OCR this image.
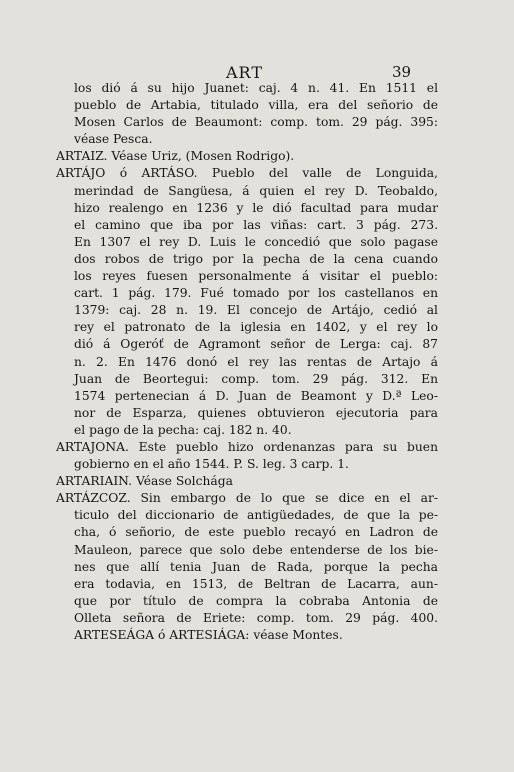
ART	39
los dió á su hijo Juanet: caj. 4 n. 41. En 1511 el
pueblo de Artabia, titulado villa, era del señorio de
Mosen Carlos de Beaumont: comp. tom. 29 pág. 395:
véase Pesca.
ARTAIZ. Véase Uriz, (Mosen Rodrigo).
ARTÁJO ó ARTÁSO. Pueblo del valle de Longuida,
merindad de Sangüesa, á quien el rey D. Teobaldo,
hizo realengo en 1236 y le dió facultad para mudar
el camino que iba por las viñas: cart. 3 pág. 273.
En 1307 el rey D. Luis le concedió que solo pagase
dos robos de trigo por la pecha de la cena cuando
los reyes fuesen personalmente á visitar el pueblo:
cart. 1 pág. 179. Fué tomado por los castellanos en
1379: caj. 28 n. 19. El concejo de Artájo, cedió al
rey el patronato de la iglesia en 1402, y el rey lo
dió á Ogeróť de Agramont señor de Lerga: caj. 87
n. 2. En 1476 donó el rey las rentas de Artajo á
Juan de Beortegui: comp. tom. 29 pág. 312. En
1574 pertenecian á D. Juan de Beamont y D.ª Leo-
nor de Esparza, quienes obtuvieron ejecutoria para
el pago de la pecha: caj. 182 n. 40.
ARTAJONA. Este pueblo hizo ordenanzas para su buen
gobierno en el año 1544. P. S. leg. 3 carp. 1.
ARTARIAIN. Véase Solchága
ARTÁZCOZ. Sin embargo de lo que se dice en el ar-
ticulo del diccionario de antigüedades, de que la pe-
cha, ó señorio, de este pueblo recayó en Ladron de
Mauleon, parece que solo debe entenderse de los bie-
nes que allí tenia Juan de Rada, porque la pecha
era todavia, en 1513, de Beltran de Lacarra, aun-
que por título de compra la cobraba Antonia de
Olleta señora de Eriete: comp. tom. 29 pág. 400.
ARTESEÁGA ó ARTESIÁGA: véase Montes.
